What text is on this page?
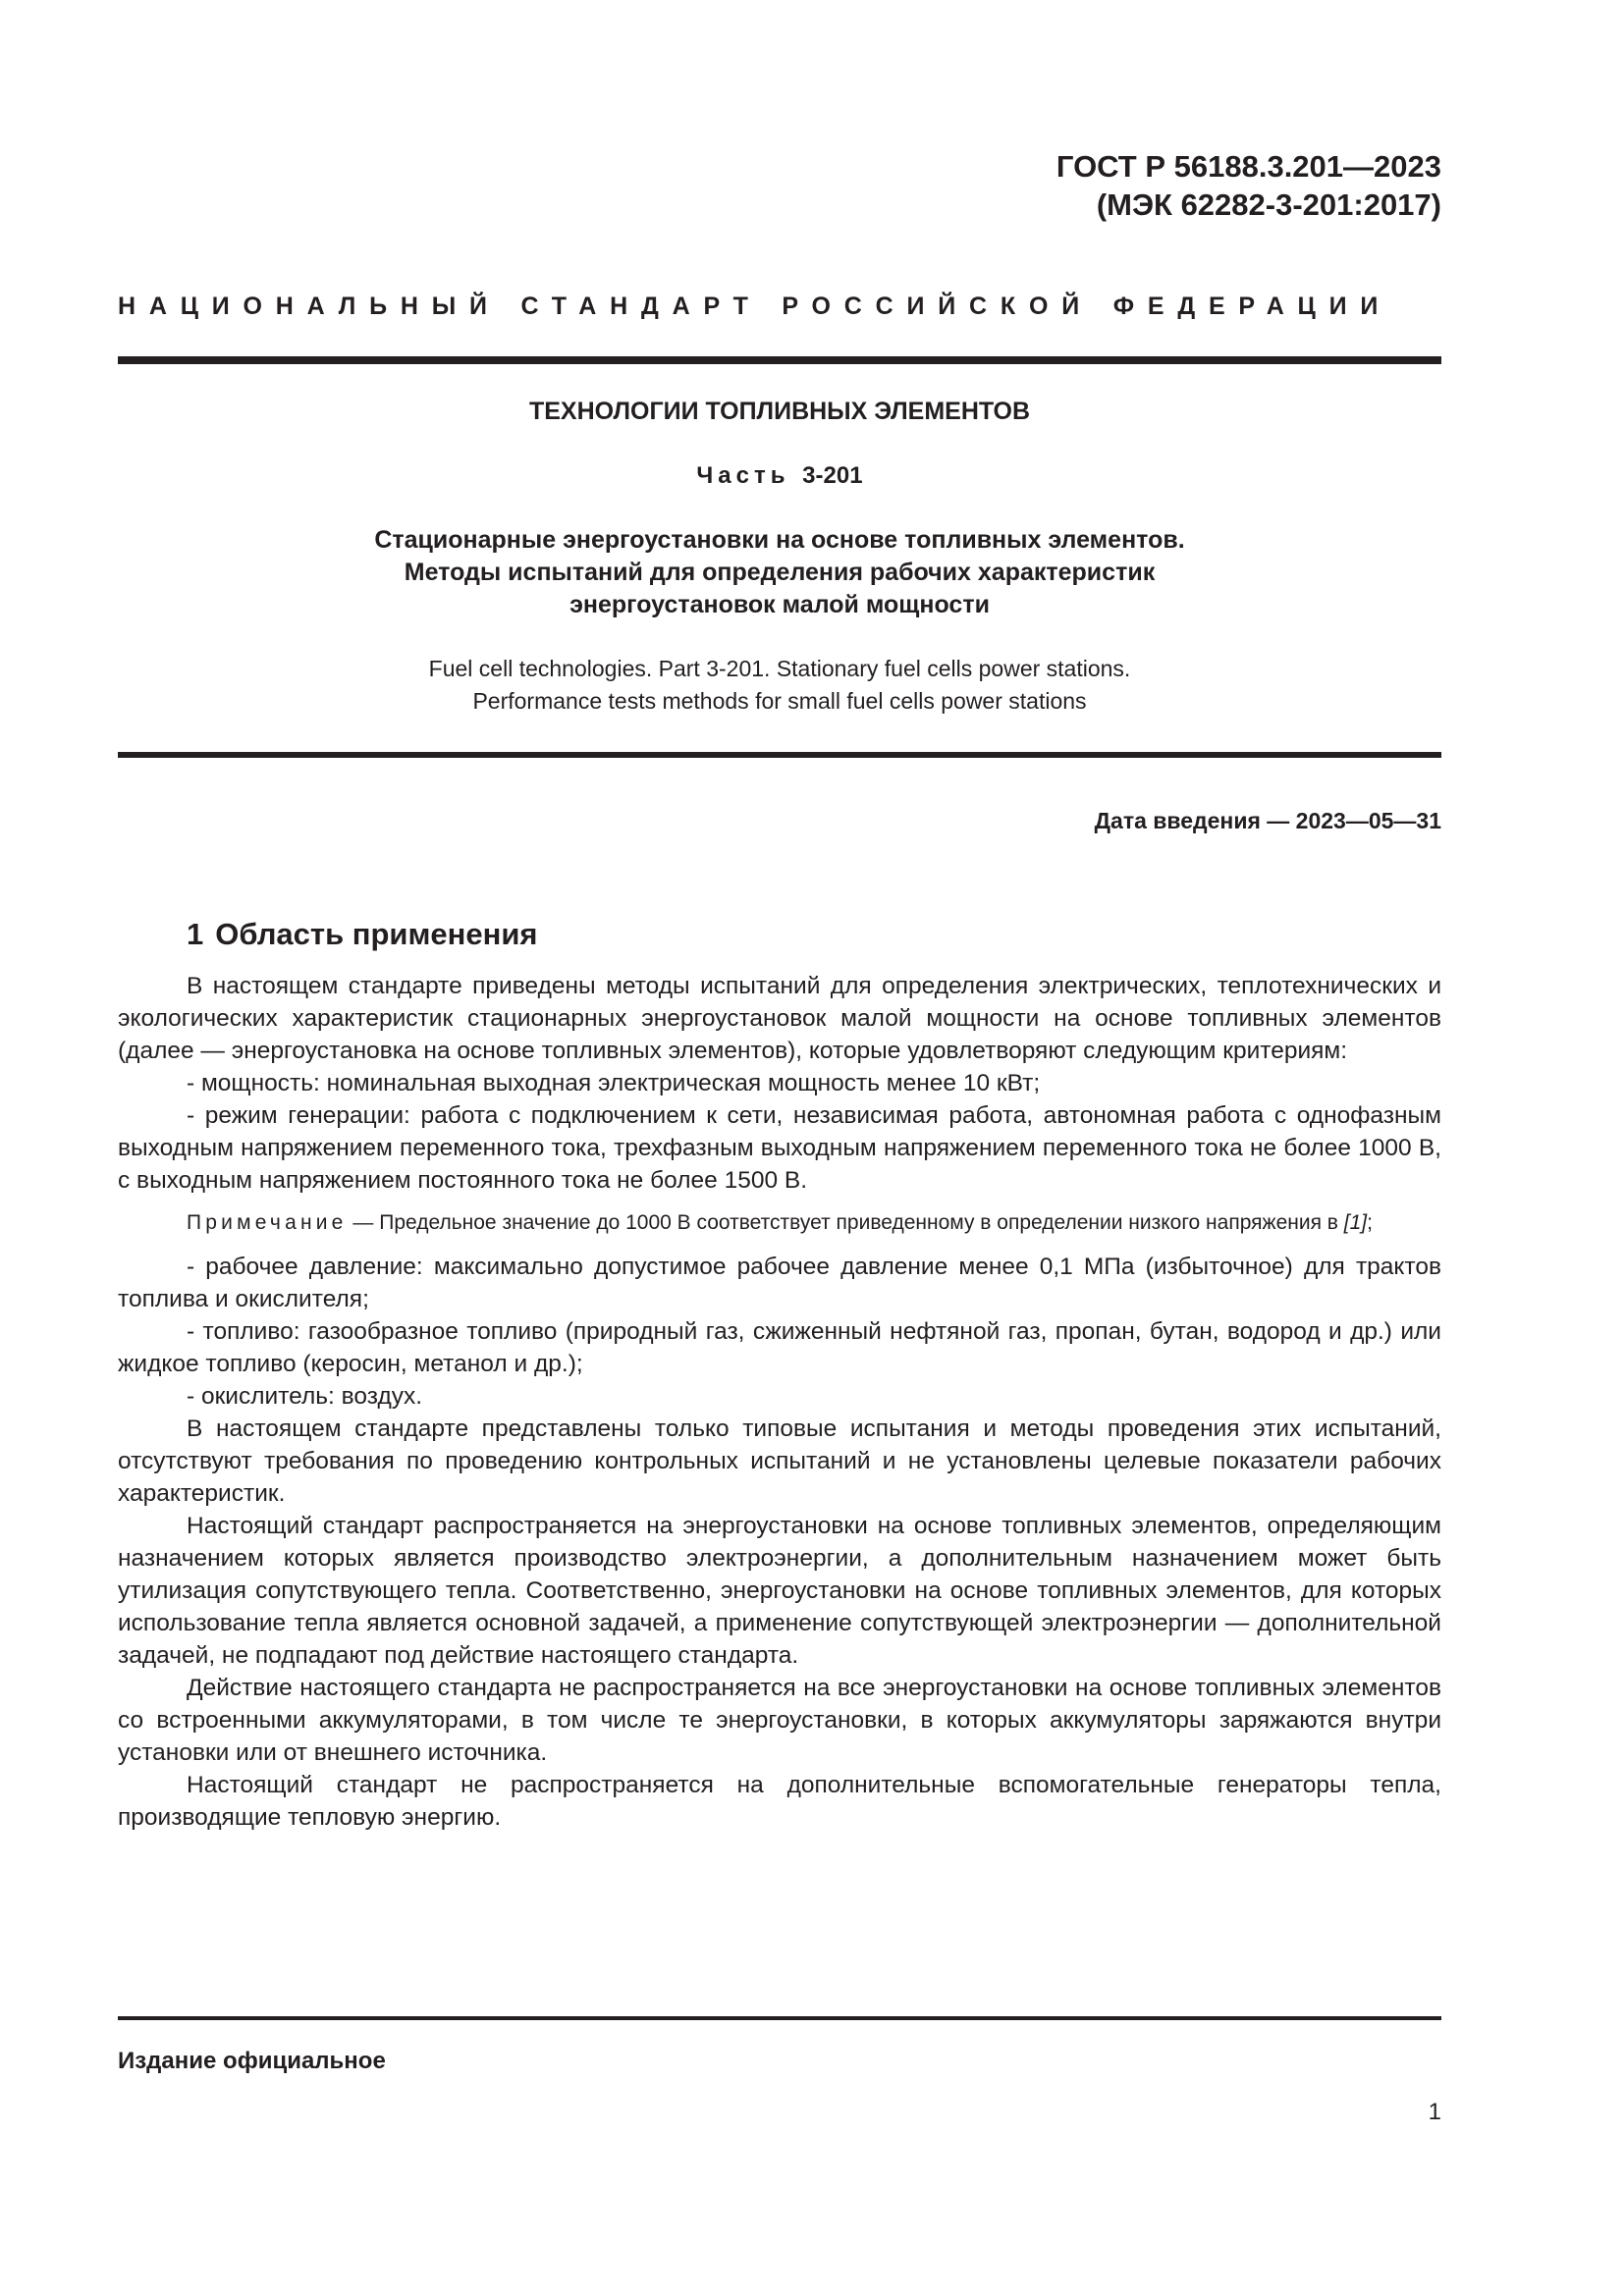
ГОСТ Р 56188.3.201—2023
(МЭК 62282-3-201:2017)
НАЦИОНАЛЬНЫЙ СТАНДАРТ РОССИЙСКОЙ ФЕДЕРАЦИИ
ТЕХНОЛОГИИ ТОПЛИВНЫХ ЭЛЕМЕНТОВ
Часть 3-201
Стационарные энергоустановки на основе топливных элементов.
Методы испытаний для определения рабочих характеристик
энергоустановок малой мощности
Fuel cell technologies. Part 3-201. Stationary fuel cells power stations.
Performance tests methods for small fuel cells power stations
Дата введения — 2023—05—31
1 Область применения

В настоящем стандарте приведены методы испытаний для определения электрических, теплотехнических и экологических характеристик стационарных энергоустановок малой мощности на основе топливных элементов (далее — энергоустановка на основе топливных элементов), которые удовлетворяют следующим критериям:

- мощность: номинальная выходная электрическая мощность менее 10 кВт;

- режим генерации: работа с подключением к сети, независимая работа, автономная работа с однофазным выходным напряжением переменного тока, трехфазным выходным напряжением переменного тока не более 1000 В, с выходным напряжением постоянного тока не более 1500 В.

Примечание — Предельное значение до 1000 В соответствует приведенному в определении низкого напряжения в [1];

- рабочее давление: максимально допустимое рабочее давление менее 0,1 МПа (избыточное) для трактов топлива и окислителя;

- топливо: газообразное топливо (природный газ, сжиженный нефтяной газ, пропан, бутан, водород и др.) или жидкое топливо (керосин, метанол и др.);

- окислитель: воздух.

В настоящем стандарте представлены только типовые испытания и методы проведения этих испытаний, отсутствуют требования по проведению контрольных испытаний и не установлены целевые показатели рабочих характеристик.

Настоящий стандарт распространяется на энергоустановки на основе топливных элементов, определяющим назначением которых является производство электроэнергии, а дополнительным назначением может быть утилизация сопутствующего тепла. Соответственно, энергоустановки на основе топливных элементов, для которых использование тепла является основной задачей, а применение сопутствующей электроэнергии — дополнительной задачей, не подпадают под действие настоящего стандарта.

Действие настоящего стандарта не распространяется на все энергоустановки на основе топливных элементов со встроенными аккумуляторами, в том числе те энергоустановки, в которых аккумуляторы заряжаются внутри установки или от внешнего источника.

Настоящий стандарт не распространяется на дополнительные вспомогательные генераторы тепла, производящие тепловую энергию.

Издание официальное
1
